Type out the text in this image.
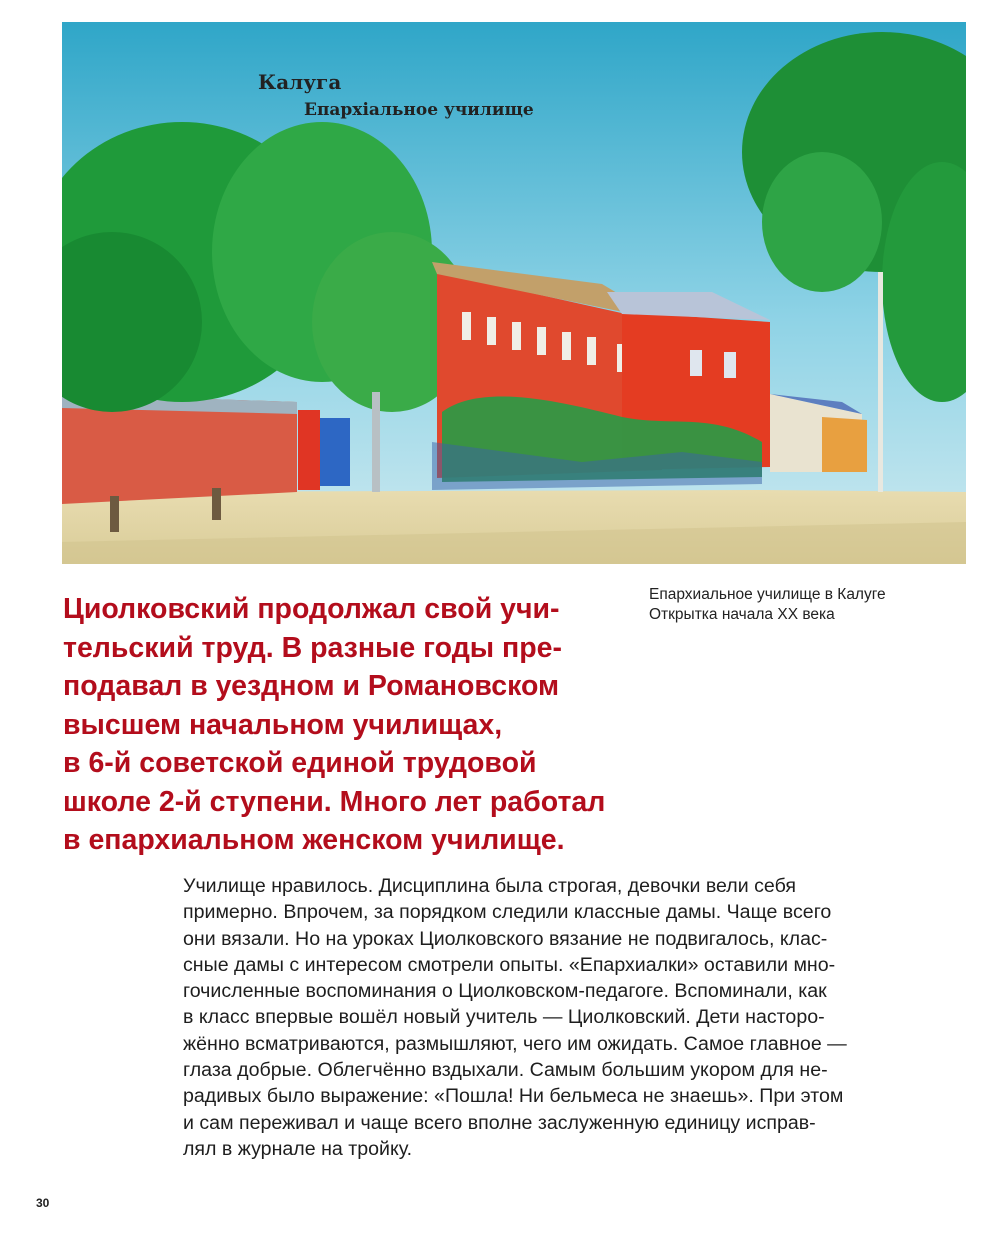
Калуга
Епархiальное училище
Епархиальное училище в Калуге
Открытка начала XX века
Циолковский продолжал свой учи-
тельский труд. В разные годы пре-
подавал в уездном и Романовском
высшем начальном училищах,
в 6-й советской единой трудовой
школе 2-й ступени. Много лет работал
в епархиальном женском училище.
Училище нравилось. Дисциплина была строгая, девочки вели себя
примерно. Впрочем, за порядком следили классные дамы. Чаще всего
они вязали. Но на уроках Циолковского вязание не подвигалось, клас-
сные дамы с интересом смотрели опыты. «Епархиалки» оставили мно-
гочисленные воспоминания о Циолковском-педагоге. Вспоминали, как
в класс впервые вошёл новый учитель — Циолковский. Дети насторо-
жённо всматриваются, размышляют, чего им ожидать. Самое главное —
глаза добрые. Облегчённо вздыхали. Самым большим укором для не-
радивых было выражение: «Пошла! Ни бельмеса не знаешь». При этом
и сам переживал и чаще всего вполне заслуженную единицу исправ-
лял в журнале на тройку.
30
